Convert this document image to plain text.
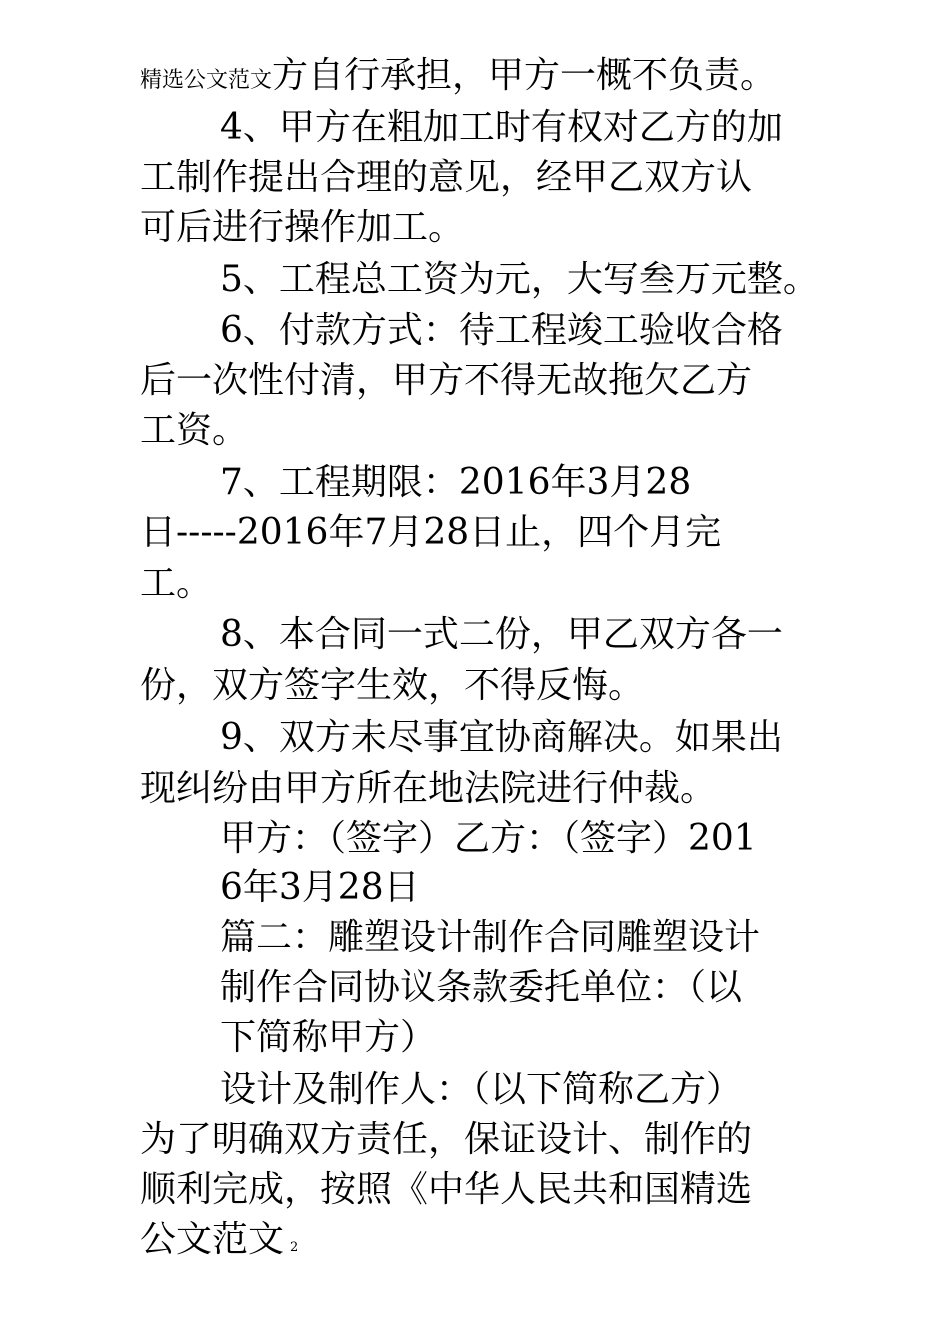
精选公文范文方自行承担，甲方一概不负责。
4、甲方在粗加工时有权对乙方的加
工制作提出合理的意见，经甲乙双方认
可后进行操作加工。
5、工程总工资为元，大写叁万元整。
6、付款方式：待工程竣工验收合格
后一次性付清，甲方不得无故拖欠乙方
工资。
7、工程期限：2016年3月28
日-----2016年7月28日止，四个月完
工。
8、本合同一式二份，甲乙双方各一
份，双方签字生效，不得反悔。
9、双方未尽事宜协商解决。如果出
现纠纷由甲方所在地法院进行仲裁。
甲方：（签字）乙方：（签字）201
6年3月28日
篇二：雕塑设计制作合同雕塑设计
制作合同协议条款委托单位：（以
下简称甲方）
设计及制作人：（以下简称乙方）
为了明确双方责任，保证设计、制作的
顺利完成，按照《中华人民共和国精选
公文范文 2
